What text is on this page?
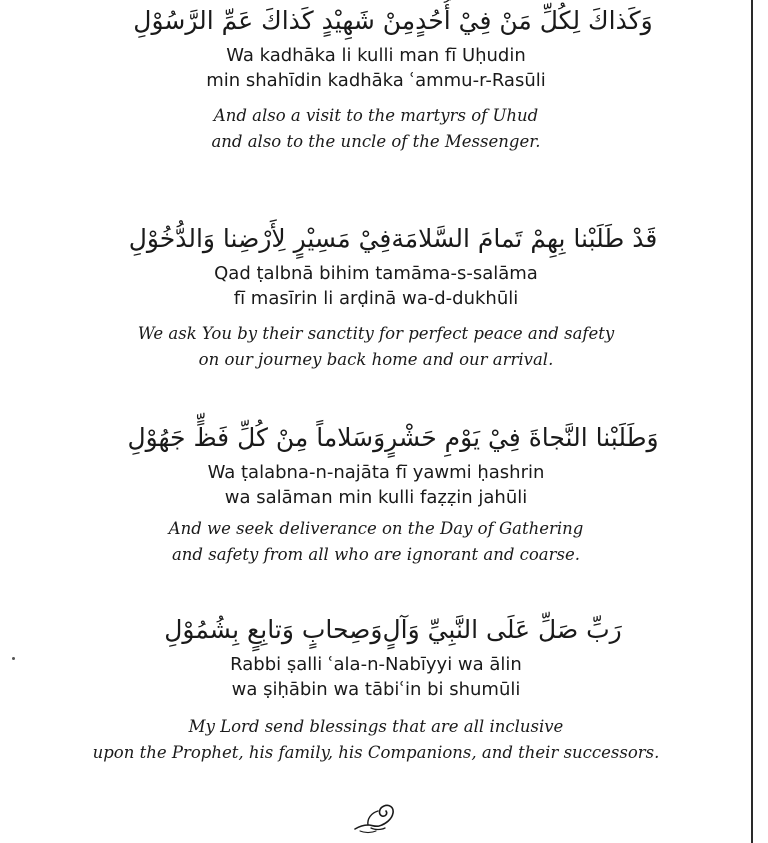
وَكَذاكَ لِكُلِّ مَنْ فِيْ أُحُدٍمِنْ شَهِيْدٍ كَذاكَ عَمِّ الرَّسُوْلِ
Wa kadhāka li kulli man fī Uḥudin
min shahīdin kadhāka ʿammu-r-Rasūli
And also a visit to the martyrs of Uhud
and also to the uncle of the Messenger.
قَدْ طَلَبْنا بِهِمْ تَمامَ السَّلامَةفِيْ مَسِيْرٍ لِأَرْضِنا وَالدُّخُوْلِ
Qad ṭalbnā bihim tamāma-s-salāma
fī masīrin li arḍinā wa-d-dukhūli
We ask You by their sanctity for perfect peace and safety
on our journey back home and our arrival.
وَطَلَبْنا النَّجاةَ فِيْ يَوْمِ حَشْرٍوَسَلاماً مِنْ كُلِّ فَظٍّ جَهُوْلِ
Wa ṭalabna-n-najāta fī yawmi ḥashrin
wa salāman min kulli faẓẓin jahūli
And we seek deliverance on the Day of Gathering
and safety from all who are ignorant and coarse.
رَبِّ صَلِّ عَلَى النَّبِيِّ وَآلٍوَصِحابٍ وَتابِعٍ بِشُمُوْلِ
Rabbi ṣalli ʿala-n-Nabīyyi wa ālin
wa ṣiḥābin wa tābiʿin bi shumūli
My Lord send blessings that are all inclusive
upon the Prophet, his family, his Companions, and their successors.
